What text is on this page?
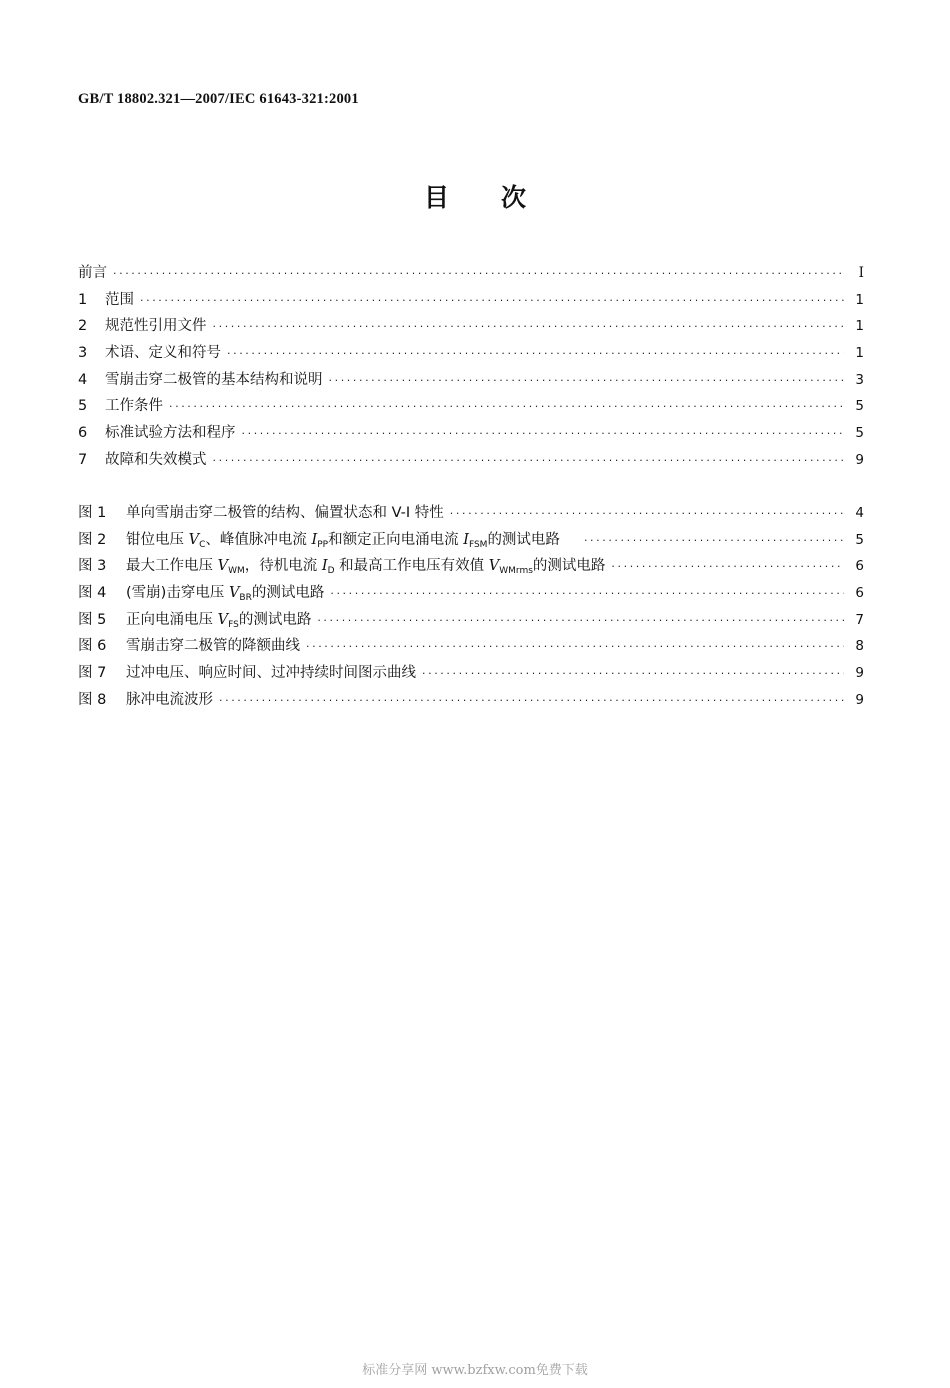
GB/T 18802.321—2007/IEC 61643-321:2001
目 次
前言 ·····	Ⅰ
1	范围 ·····	1
2	规范性引用文件 ·····	1
3	术语、定义和符号 ·····	1
4	雪崩击穿二极管的基本结构和说明 ·····	3
5	工作条件 ·····	5
6	标准试验方法和程序 ·····	5
7	故障和失效模式 ·····	9
图 1	单向雪崩击穿二极管的结构、偏置状态和 V-I 特性 ·····	4
图 2	钳位电压 $V_C$、峰值脉冲电流 $I_{PP}$和额定正向电涌电流 $I_{FSM}$的测试电路 ·····	5
图 3	最大工作电压 $V_{WM}$，待机电流 $I_D$ 和最高工作电压有效值 $V_{WMrms}$的测试电路 ·····	6
图 4	(雪崩)击穿电压 $V_{BR}$的测试电路 ·····	6
图 5	正向电涌电压 $V_{FS}$的测试电路 ·····	7
图 6	雪崩击穿二极管的降额曲线 ·····	8
图 7	过冲电压、响应时间、过冲持续时间图示曲线 ·····	9
图 8	脉冲电流波形 ·····	9
标准分享网 www.bzfxw.com免费下载
